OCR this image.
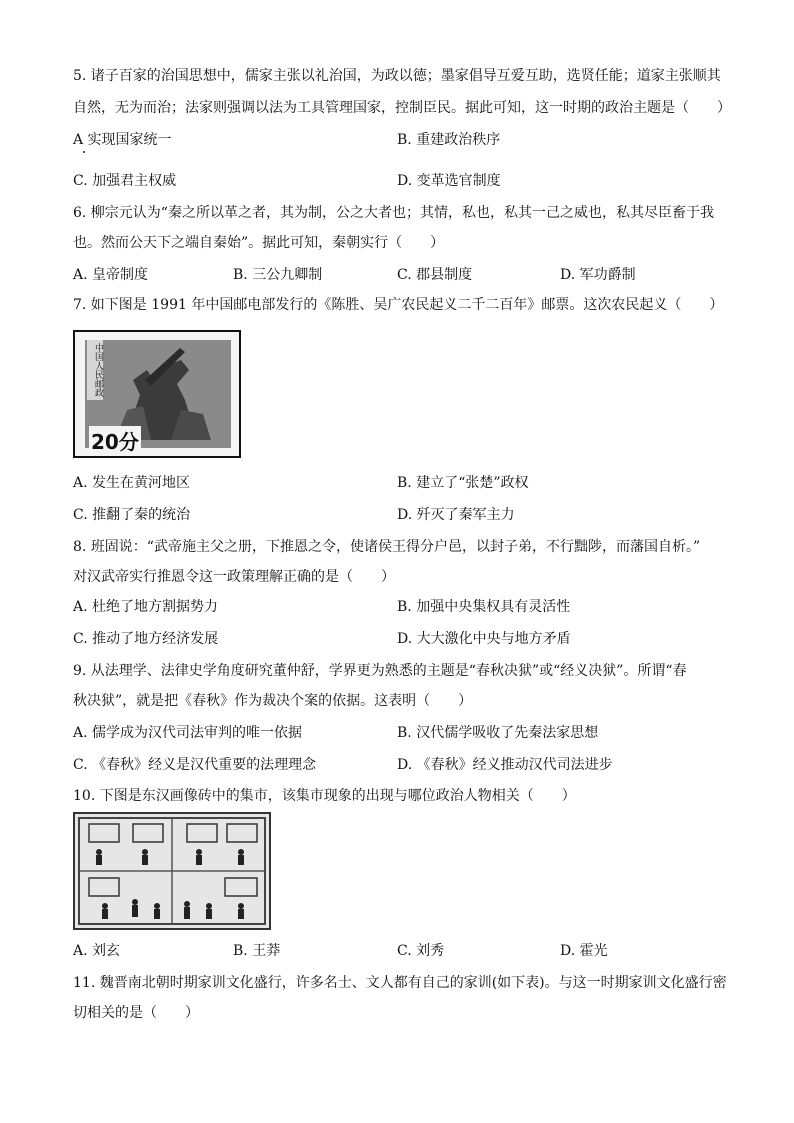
5. 诸子百家的治国思想中，儒家主张以礼治国，为政以德；墨家倡导互爱互助，选贤任能；道家主张顺其
自然，无为而治；法家则强调以法为工具管理国家，控制臣民。据此可知，这一时期的政治主题是（　　）
A 实现国家统一	B. 重建政治秩序
C. 加强君主权威	D. 变革选官制度
6. 柳宗元认为“秦之所以革之者，其为制，公之大者也；其情，私也，私其一己之威也，私其尽臣畜于我
也。然而公天下之端自秦始”。据此可知，秦朝实行（　　）
A. 皇帝制度	B. 三公九卿制	C. 郡县制度	D. 军功爵制
7. 如下图是 1991 年中国邮电部发行的《陈胜、吴广农民起义二千二百年》邮票。这次农民起义（　　）
中国人民邮政
20分
A. 发生在黄河地区	B. 建立了“张楚”政权
C. 推翻了秦的统治	D. 歼灭了秦军主力
8. 班固说：“武帝施主父之册，下推恩之令，使诸侯王得分户邑，以封子弟，不行黜陟，而藩国自析。”
对汉武帝实行推恩令这一政策理解正确的是（　　）
A. 杜绝了地方割据势力	B. 加强中央集权具有灵活性
C. 推动了地方经济发展	D. 大大激化中央与地方矛盾
9. 从法理学、法律史学角度研究董仲舒，学界更为熟悉的主题是“春秋决狱”或“经义决狱”。所谓“春
秋决狱”，就是把《春秋》作为裁决个案的依据。这表明（　　）
A. 儒学成为汉代司法审判的唯一依据	B. 汉代儒学吸收了先秦法家思想
C. 《春秋》经义是汉代重要的法理理念	D. 《春秋》经义推动汉代司法进步
10. 下图是东汉画像砖中的集市，该集市现象的出现与哪位政治人物相关（　　）
A. 刘玄	B. 王莽	C. 刘秀	D. 霍光
11. 魏晋南北朝时期家训文化盛行，许多名士、文人都有自己的家训(如下表)。与这一时期家训文化盛行密
切相关的是（　　）
